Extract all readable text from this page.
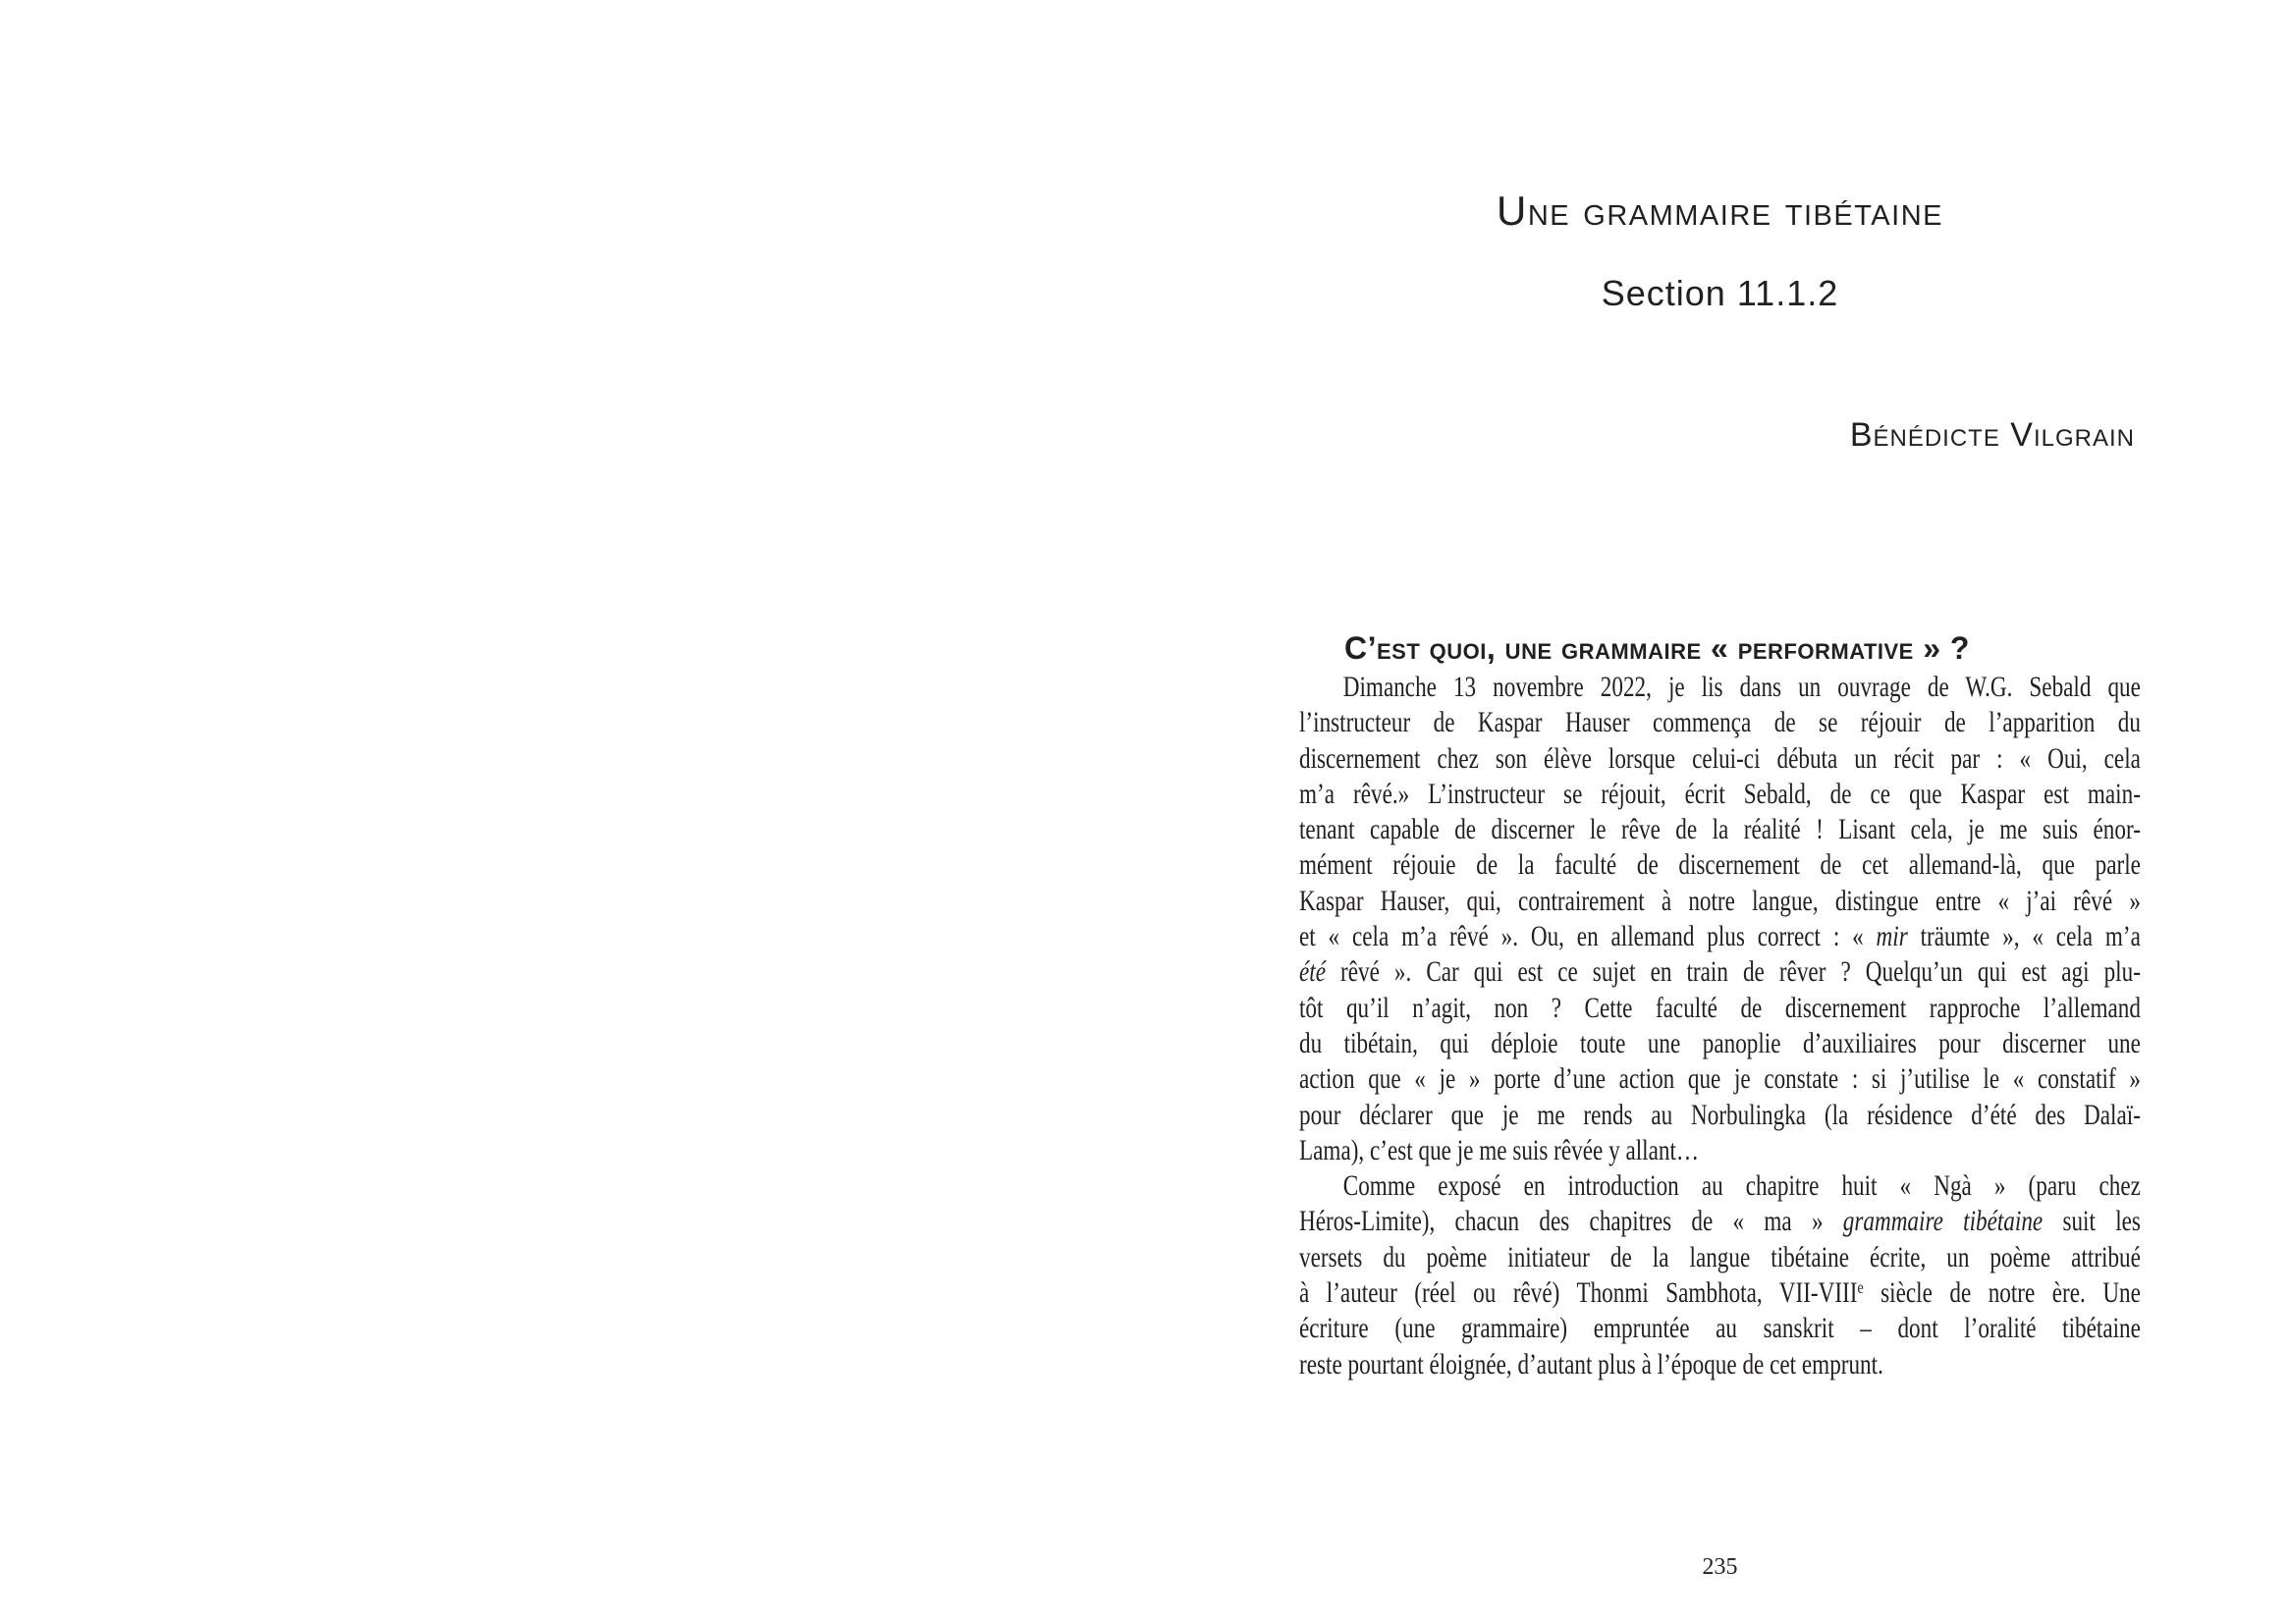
Une grammaire tibétaine
Section 11.1.2
Bénédicte Vilgrain
C’est quoi, une grammaire « performative » ?
Dimanche 13 novembre 2022, je lis dans un ouvrage de W.G. Sebald que
l’instructeur de Kaspar Hauser commença de se réjouir de l’apparition du
discernement chez son élève lorsque celui-ci débuta un récit par : « Oui, cela
m’a rêvé.» L’instructeur se réjouit, écrit Sebald, de ce que Kaspar est main-
tenant capable de discerner le rêve de la réalité ! Lisant cela, je me suis énor-
mément réjouie de la faculté de discernement de cet allemand-là, que parle
Kaspar Hauser, qui, contrairement à notre langue, distingue entre « j’ai rêvé »
et « cela m’a rêvé ». Ou, en allemand plus correct : « mir träumte », « cela m’a
été rêvé ». Car qui est ce sujet en train de rêver ? Quelqu’un qui est agi plu-
tôt qu’il n’agit, non ? Cette faculté de discernement rapproche l’allemand
du tibétain, qui déploie toute une panoplie d’auxiliaires pour discerner une
action que « je » porte d’une action que je constate : si j’utilise le « constatif »
pour déclarer que je me rends au Norbulingka (la résidence d’été des Dalaï-
Lama), c’est que je me suis rêvée y allant…
Comme exposé en introduction au chapitre huit « Ngà » (paru chez
Héros-Limite), chacun des chapitres de « ma » grammaire tibétaine suit les
versets du poème initiateur de la langue tibétaine écrite, un poème attribué
à l’auteur (réel ou rêvé) Thonmi Sambhota, VII-VIIIe siècle de notre ère. Une
écriture (une grammaire) empruntée au sanskrit – dont l’oralité tibétaine
reste pourtant éloignée, d’autant plus à l’époque de cet emprunt.
235
